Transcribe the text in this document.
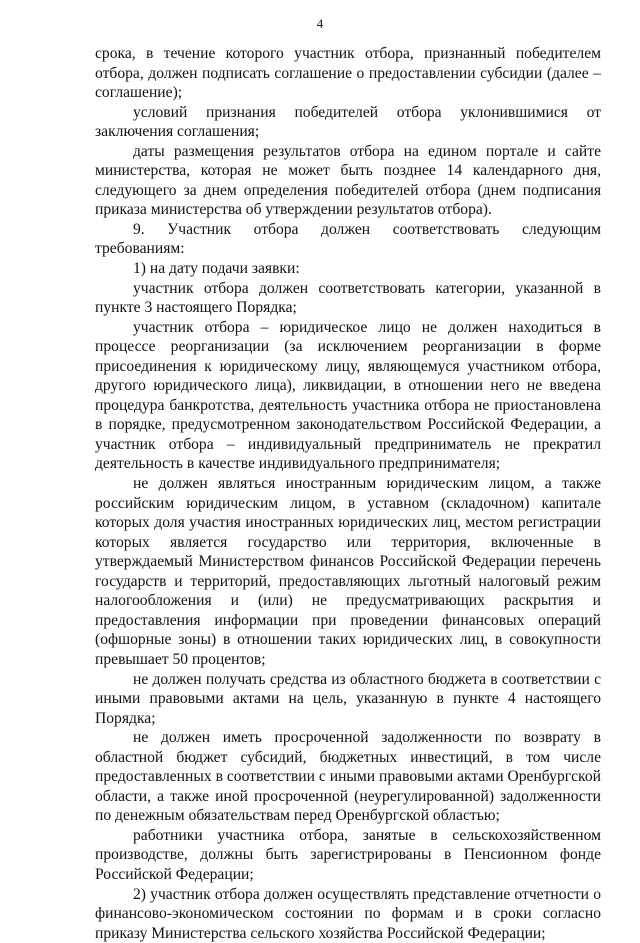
4

срока, в течение которого участник отбора, признанный победителем отбора, должен подписать соглашение о предоставлении субсидии (далее – соглашение);

условий признания победителей отбора уклонившимися от заключения соглашения;

даты размещения результатов отбора на едином портале и сайте министерства, которая не может быть позднее 14 календарного дня, следующего за днем определения победителей отбора (днем подписания приказа министерства об утверждении результатов отбора).

9. Участник отбора должен соответствовать следующим требованиям:

1) на дату подачи заявки:

участник отбора должен соответствовать категории, указанной в пункте 3 настоящего Порядка;

участник отбора – юридическое лицо не должен находиться в процессе реорганизации (за исключением реорганизации в форме присоединения к юридическому лицу, являющемуся участником отбора, другого юридического лица), ликвидации, в отношении него не введена процедура банкротства, деятельность участника отбора не приостановлена в порядке, предусмотренном законодательством Российской Федерации, а участник отбора – индивидуальный предприниматель не прекратил деятельность в качестве индивидуального предпринимателя;

не должен являться иностранным юридическим лицом, а также российским юридическим лицом, в уставном (складочном) капитале которых доля участия иностранных юридических лиц, местом регистрации которых является государство или территория, включенные в утверждаемый Министерством финансов Российской Федерации перечень государств и территорий, предоставляющих льготный налоговый режим налогообложения и (или) не предусматривающих раскрытия и предоставления информации при проведении финансовых операций (офшорные зоны) в отношении таких юридических лиц, в совокупности превышает 50 процентов;

не должен получать средства из областного бюджета в соответствии с иными правовыми актами на цель, указанную в пункте 4 настоящего Порядка;

не должен иметь просроченной задолженности по возврату в областной бюджет субсидий, бюджетных инвестиций, в том числе предоставленных в соответствии с иными правовыми актами Оренбургской области, а также иной просроченной (неурегулированной) задолженности по денежным обязательствам перед Оренбургской областью;

работники участника отбора, занятые в сельскохозяйственном производстве, должны быть зарегистрированы в Пенсионном фонде Российской Федерации;

2) участник отбора должен осуществлять представление отчетности о финансово-экономическом состоянии по формам и в сроки согласно приказу Министерства сельского хозяйства Российской Федерации;
